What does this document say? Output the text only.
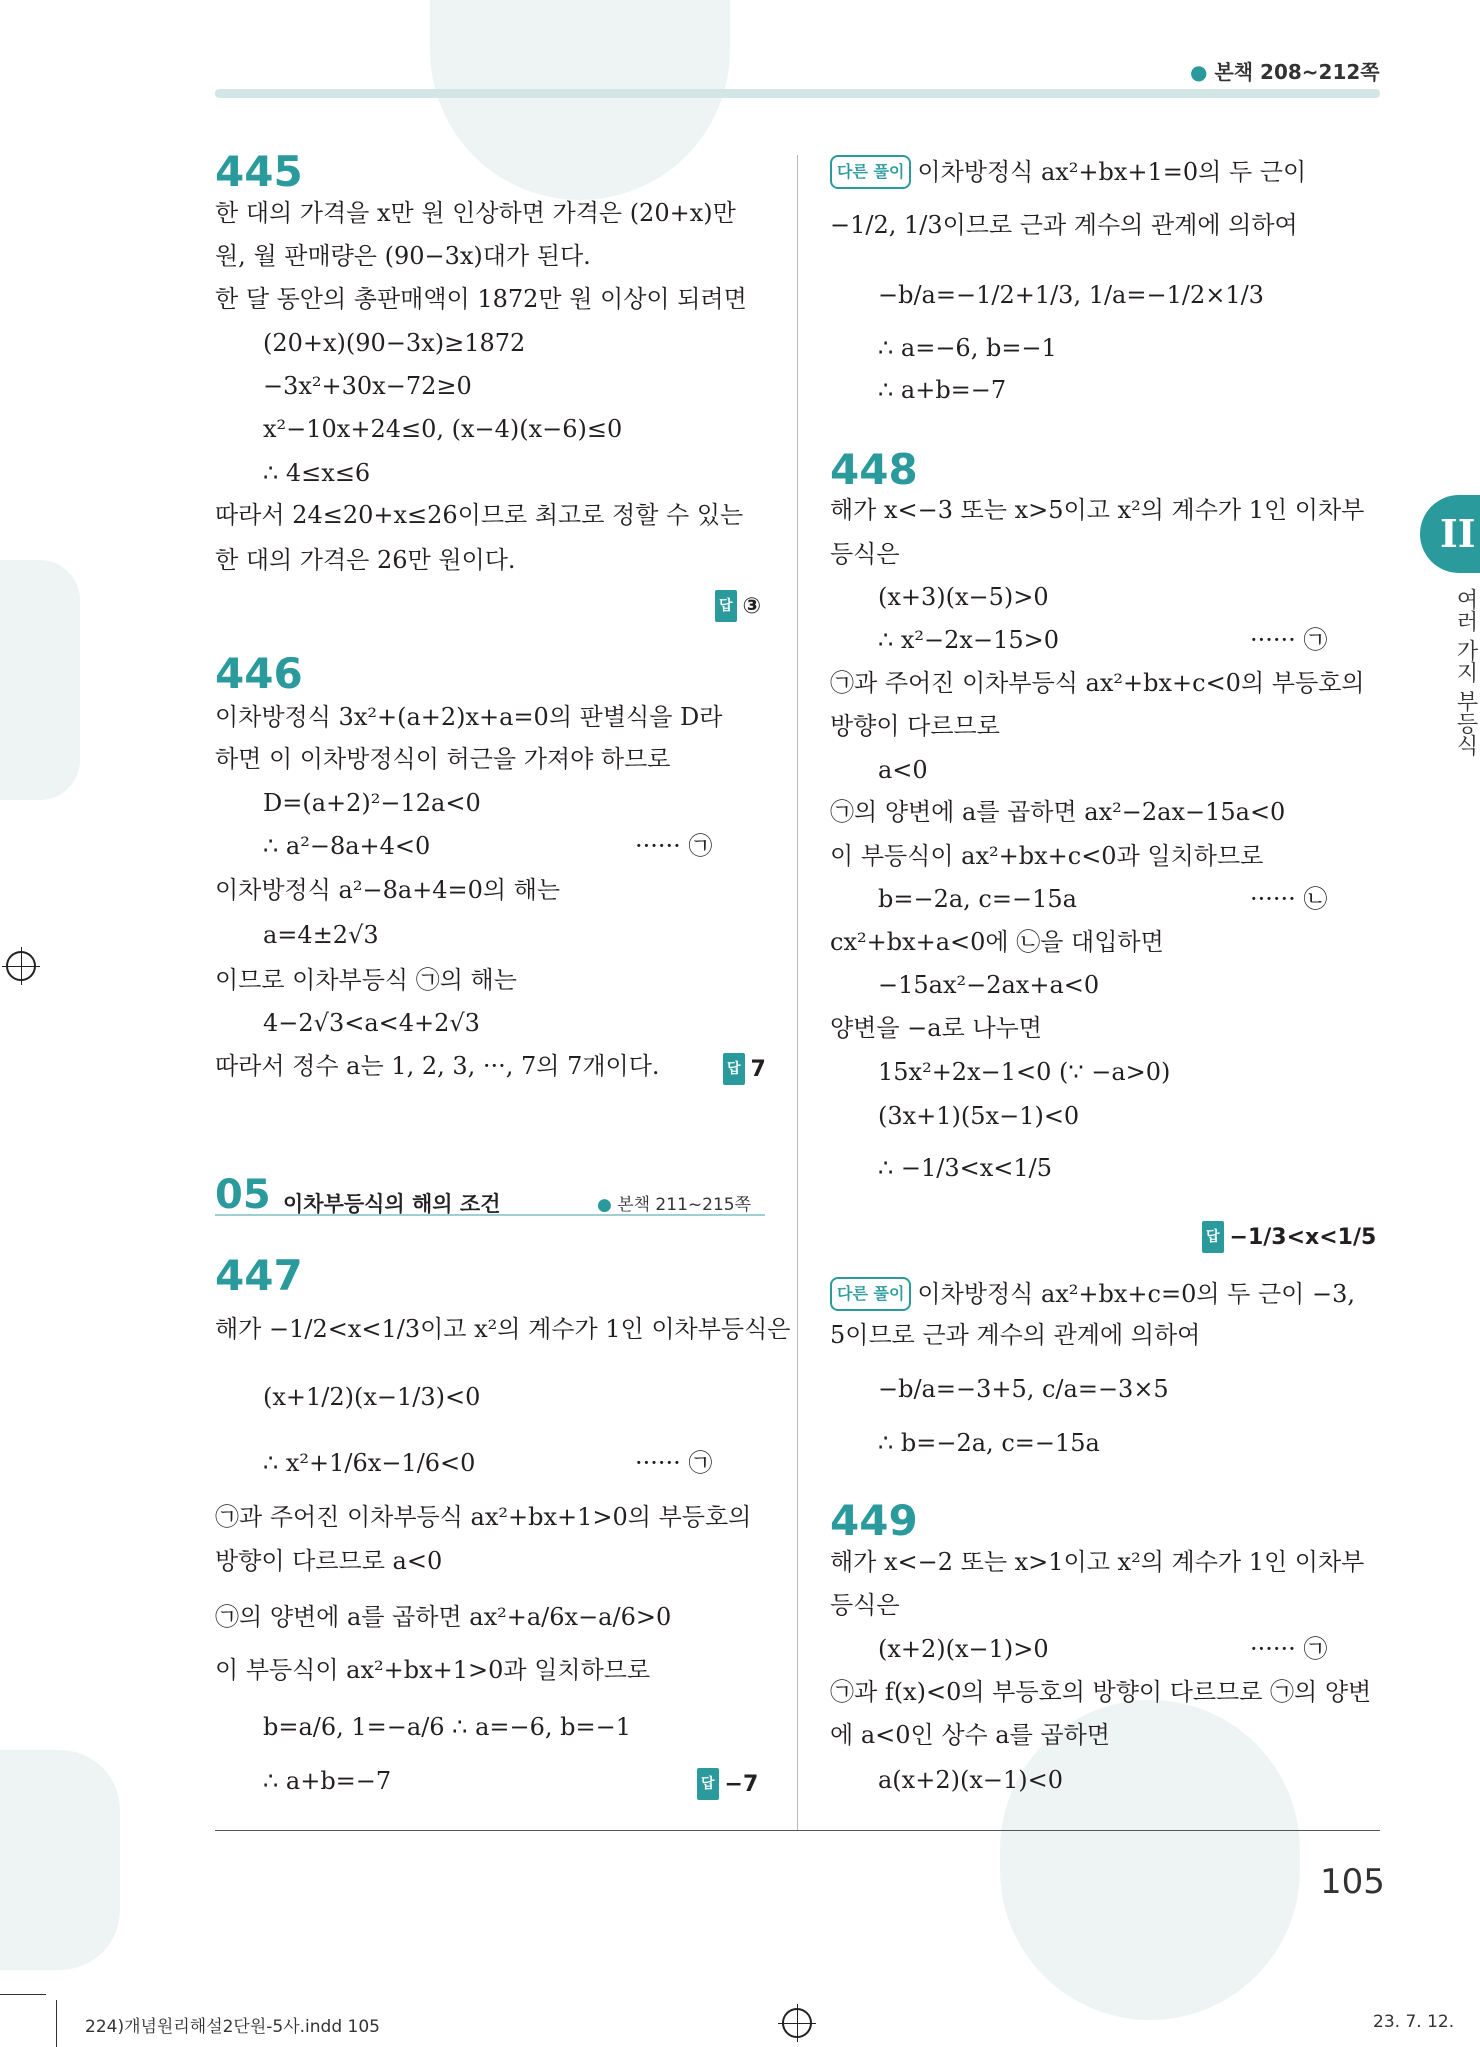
● 본책 208~212쪽
II
여러 가지 부등식
445
한 대의 가격을 x만 원 인상하면 가격은 (20+x)만
원, 월 판매량은 (90−3x)대가 된다.
한 달 동안의 총판매액이 1872만 원 이상이 되려면
(20+x)(90−3x)≥1872
−3x²+30x−72≥0
x²−10x+24≤0, (x−4)(x−6)≤0
∴ 4≤x≤6
따라서 24≤20+x≤26이므로 최고로 정할 수 있는
한 대의 가격은 26만 원이다.
답 ③
446
이차방정식 3x²+(a+2)x+a=0의 판별식을 D라
하면 이 이차방정식이 허근을 가져야 하므로
D=(a+2)²−12a<0
∴ a²−8a+4<0	······ ㉠
이차방정식 a²−8a+4=0의 해는
a=4±2√3
이므로 이차부등식 ㉠의 해는
4−2√3<a<4+2√3
따라서 정수 a는 1, 2, 3, ···, 7의 7개이다.	답 7
447
해가 −1/2<x<1/3이고 x²의 계수가 1인 이차부등식은
(x+1/2)(x−1/3)<0
∴ x²+1/6x−1/6<0	······ ㉠
㉠과 주어진 이차부등식 ax²+bx+1>0의 부등호의
방향이 다르므로 a<0
㉠의 양변에 a를 곱하면 ax²+a/6x−a/6>0
이 부등식이 ax²+bx+1>0과 일치하므로
b=a/6, 1=−a/6 ∴ a=−6, b=−1
∴ a+b=−7	답 −7
05 이차부등식의 해의 조건	● 본책 211~215쪽
다른 풀이 이차방정식 ax²+bx+1=0의 두 근이
−1/2, 1/3이므로 근과 계수의 관계에 의하여
−b/a=−1/2+1/3, 1/a=−1/2×1/3
∴ a=−6, b=−1
∴ a+b=−7
448
해가 x<−3 또는 x>5이고 x²의 계수가 1인 이차부
등식은
(x+3)(x−5)>0
∴ x²−2x−15>0	······ ㉠
㉠과 주어진 이차부등식 ax²+bx+c<0의 부등호의
방향이 다르므로
a<0
㉠의 양변에 a를 곱하면 ax²−2ax−15a<0
이 부등식이 ax²+bx+c<0과 일치하므로
b=−2a, c=−15a	······ ㉡
cx²+bx+a<0에 ㉡을 대입하면
−15ax²−2ax+a<0
양변을 −a로 나누면
15x²+2x−1<0 (∵ −a>0)
(3x+1)(5x−1)<0
∴ −1/3<x<1/5
답 −1/3<x<1/5
다른 풀이 이차방정식 ax²+bx+c=0의 두 근이 −3,
5이므로 근과 계수의 관계에 의하여
−b/a=−3+5, c/a=−3×5
∴ b=−2a, c=−15a
449
해가 x<−2 또는 x>1이고 x²의 계수가 1인 이차부
등식은
(x+2)(x−1)>0	······ ㉠
㉠과 f(x)<0의 부등호의 방향이 다르므로 ㉠의 양변
에 a<0인 상수 a를 곱하면
a(x+2)(x−1)<0
105
224)개념원리해설2단원-5사.indd 105	23. 7. 12.
